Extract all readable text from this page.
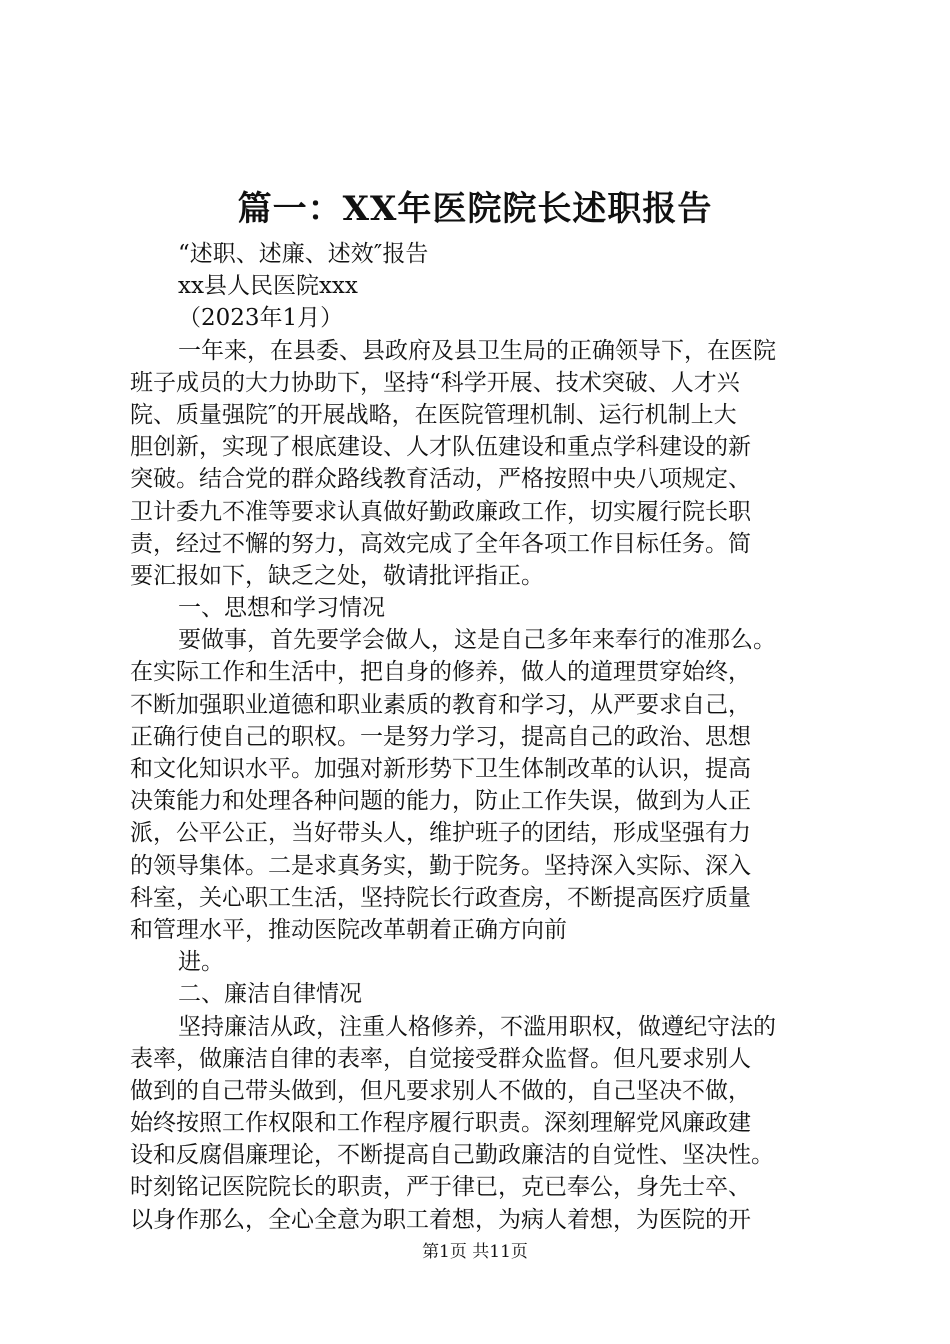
篇一：XX年医院院长述职报告
“述职、述廉、述效″报告
xx县人民医院xxx
（2023年1月）
一年来，在县委、县政府及县卫生局的正确领导下，在医院
班子成员的大力协助下，坚持“科学开展、技术突破、人才兴
院、质量强院″的开展战略，在医院管理机制、运行机制上大
胆创新，实现了根底建设、人才队伍建设和重点学科建设的新
突破。结合党的群众路线教育活动，严格按照中央八项规定、
卫计委九不准等要求认真做好勤政廉政工作，切实履行院长职
责，经过不懈的努力，高效完成了全年各项工作目标任务。简
要汇报如下，缺乏之处，敬请批评指正。
一、思想和学习情况
要做事，首先要学会做人，这是自己多年来奉行的准那么。
在实际工作和生活中，把自身的修养，做人的道理贯穿始终，
不断加强职业道德和职业素质的教育和学习，从严要求自己，
正确行使自己的职权。一是努力学习，提高自己的政治、思想
和文化知识水平。加强对新形势下卫生体制改革的认识，提高
决策能力和处理各种问题的能力，防止工作失误，做到为人正
派，公平公正，当好带头人，维护班子的团结，形成坚强有力
的领导集体。二是求真务实，勤于院务。坚持深入实际、深入
科室，关心职工生活，坚持院长行政查房，不断提高医疗质量
和管理水平，推动医院改革朝着正确方向前
进。
二、廉洁自律情况
坚持廉洁从政，注重人格修养，不滥用职权，做遵纪守法的
表率，做廉洁自律的表率，自觉接受群众监督。但凡要求别人
做到的自己带头做到，但凡要求别人不做的，自己坚决不做，
始终按照工作权限和工作程序履行职责。深刻理解党风廉政建
设和反腐倡廉理论，不断提高自己勤政廉洁的自觉性、坚决性。
时刻铭记医院院长的职责，严于律已，克已奉公，身先士卒、
以身作那么，全心全意为职工着想，为病人着想，为医院的开

第1页 共11页
